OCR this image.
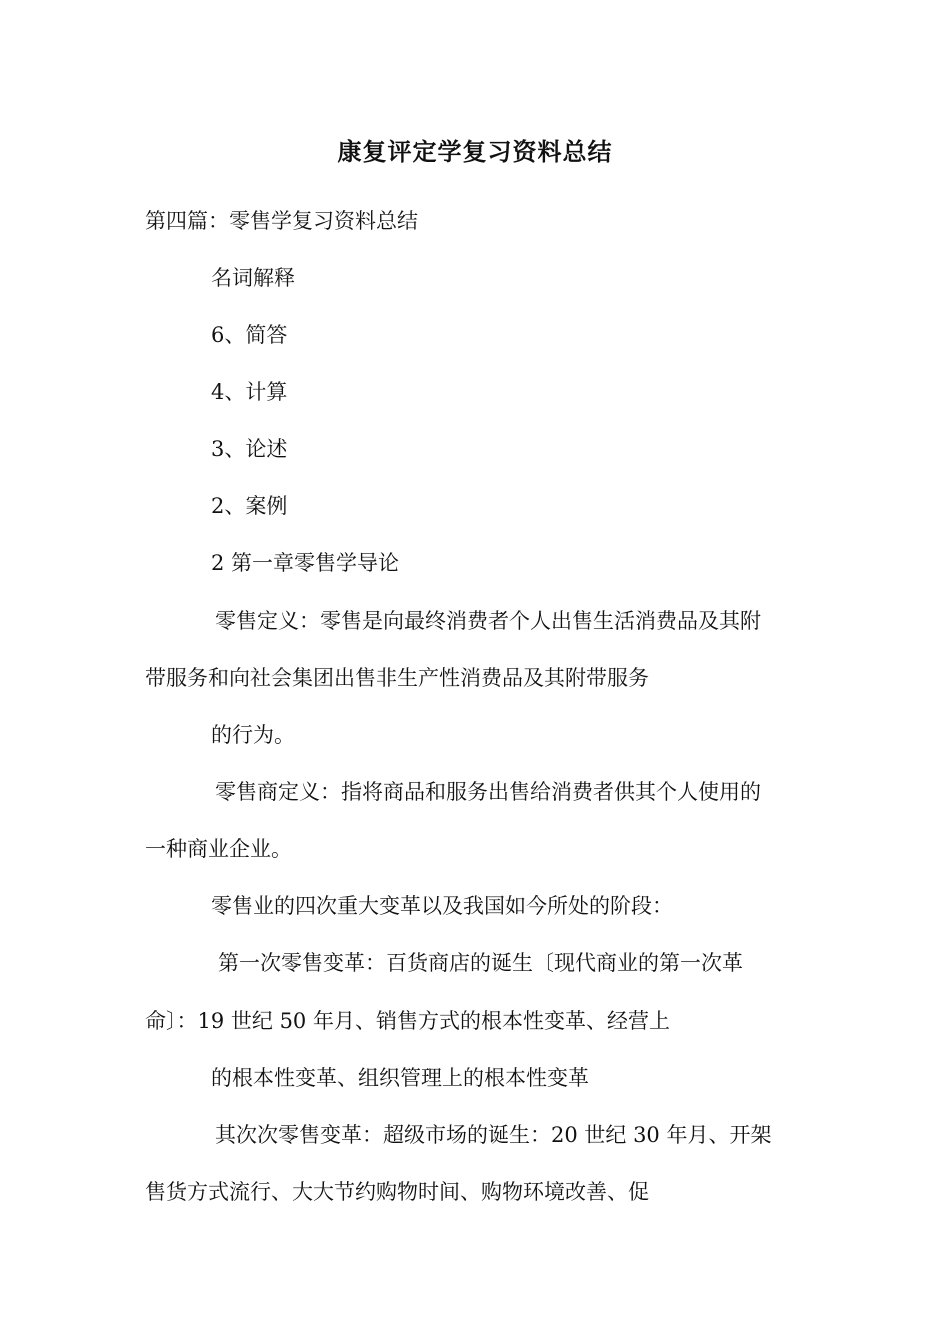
康复评定学复习资料总结
第四篇：零售学复习资料总结
名词解释
6、简答
4、计算
3、论述
2、案例
2 第一章零售学导论
零售定义：零售是向最终消费者个人出售生活消费品及其附
带服务和向社会集团出售非生产性消费品及其附带服务
的行为。
零售商定义：指将商品和服务出售给消费者供其个人使用的
一种商业企业。
零售业的四次重大变革以及我国如今所处的阶段：
第一次零售变革：百货商店的诞生〔现代商业的第一次革
命〕：19 世纪 50 年月、销售方式的根本性变革、经营上
的根本性变革、组织管理上的根本性变革
其次次零售变革：超级市场的诞生：20 世纪 30 年月、开架
售货方式流行、大大节约购物时间、购物环境改善、促
